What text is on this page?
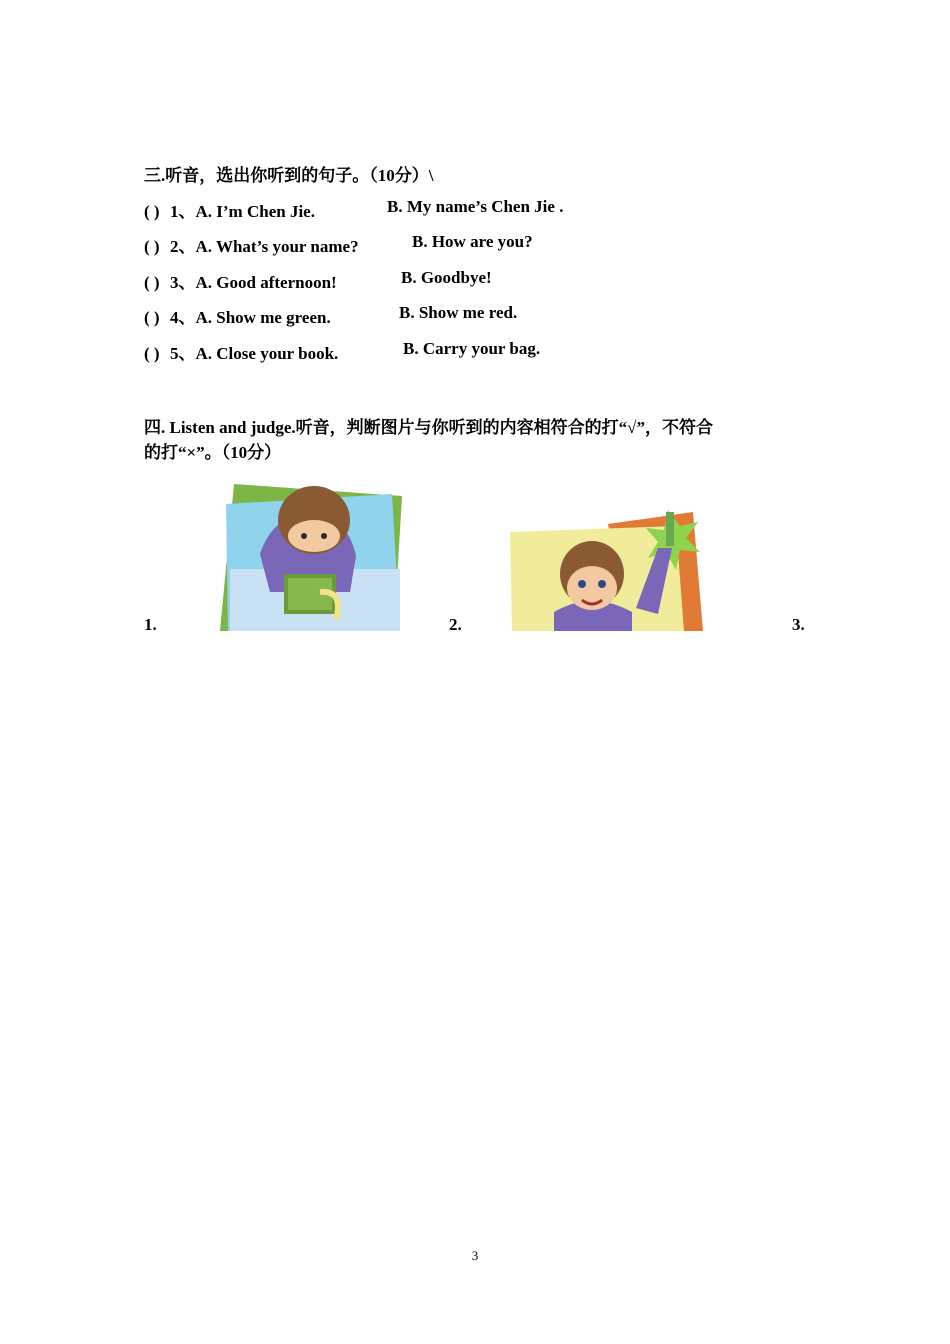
三.听音，选出你听到的句子。（10分）\
( ) 1、A. I’m Chen Jie.	B. My name’s Chen Jie .
( ) 2、A. What’s your name?	B. How are you?
( ) 3、A. Good afternoon!	B. Goodbye!
( ) 4、A. Show me green.	B. Show me red.
( ) 5、A. Close your book.	B. Carry your bag.
四. Listen and judge.听音，判断图片与你听到的内容相符合的打“√”，不符合
的打“×”。（10分）
1.	2.	3.
3
